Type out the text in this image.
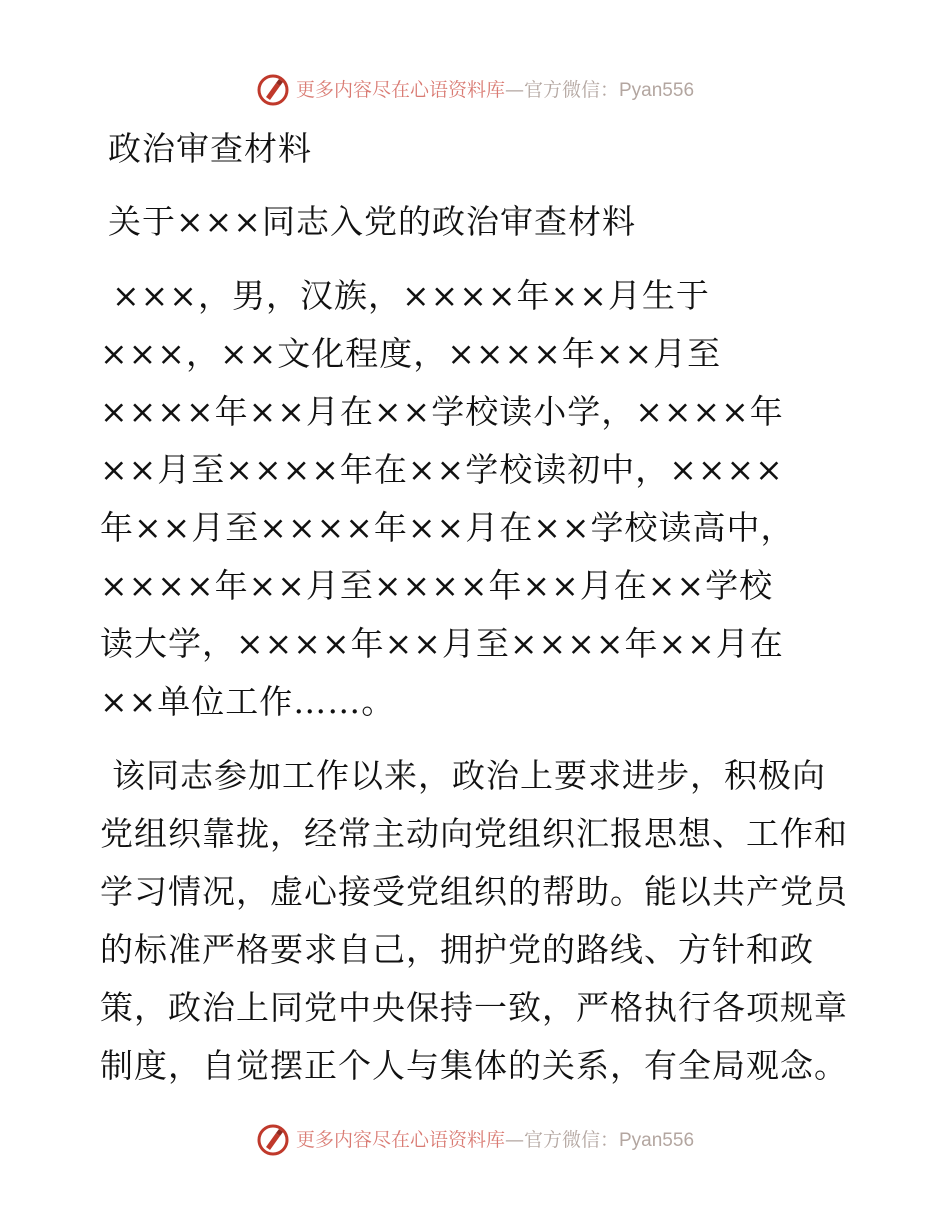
更多内容尽在心语资料库—官方微信：Pyan556
政治审查材料
关于×××同志入党的政治审查材料
×××，男，汉族，××××年××月生于
×××，××文化程度，××××年××月至
××××年××月在××学校读小学，××××年
××月至××××年在××学校读初中，××××
年××月至××××年××月在××学校读高中，
××××年××月至××××年××月在××学校
读大学，××××年××月至××××年××月在
××单位工作……。
该同志参加工作以来，政治上要求进步，积极向
党组织靠拢，经常主动向党组织汇报思想、工作和
学习情况，虚心接受党组织的帮助。能以共产党员
的标准严格要求自己，拥护党的路线、方针和政
策，政治上同党中央保持一致，严格执行各项规章
制度，自觉摆正个人与集体的关系，有全局观念。
更多内容尽在心语资料库—官方微信：Pyan556
